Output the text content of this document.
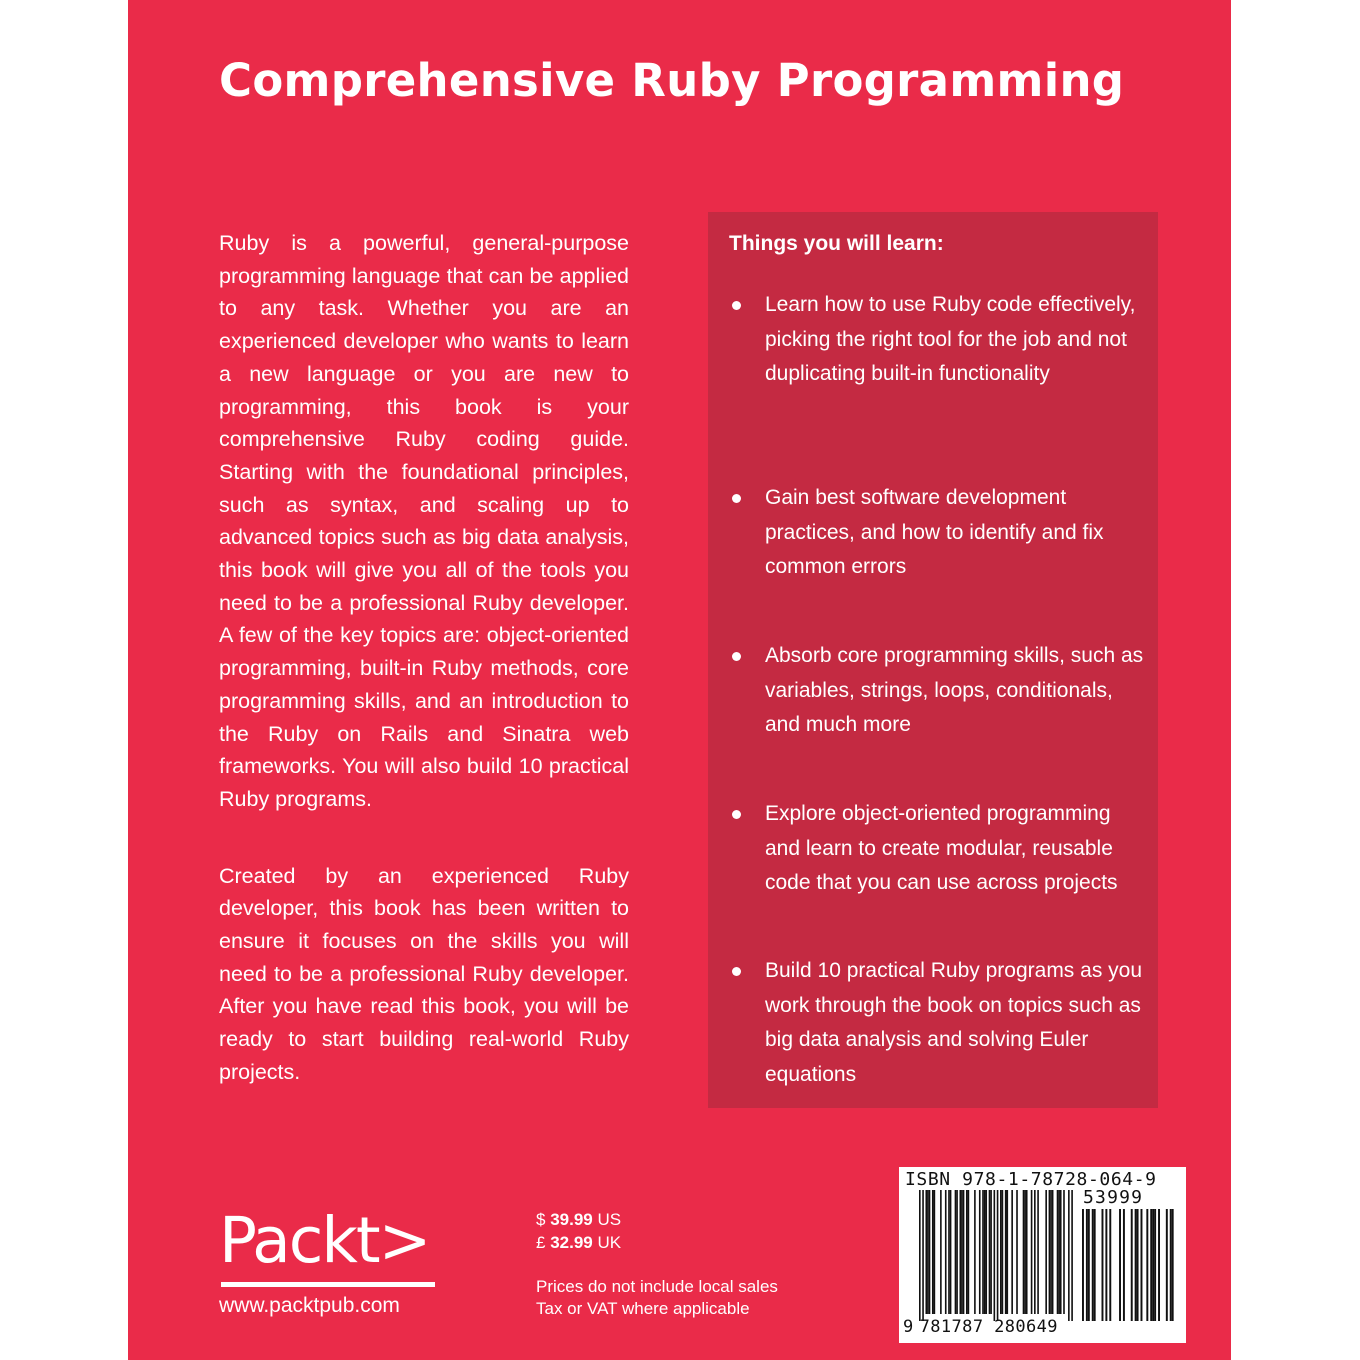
Comprehensive Ruby Programming

Ruby is a powerful, general-purpose programming language that can be applied to any task. Whether you are an experienced developer who wants to learn a new language or you are new to programming, this book is your comprehensive Ruby coding guide. Starting with the foundational principles, such as syntax, and scaling up to advanced topics such as big data analysis, this book will give you all of the tools you need to be a professional Ruby developer. A few of the key topics are: object-oriented programming, built-in Ruby methods, core programming skills, and an introduction to the Ruby on Rails and Sinatra web frameworks. You will also build 10 practical Ruby programs.

Created by an experienced Ruby developer, this book has been written to ensure it focuses on the skills you will need to be a professional Ruby developer. After you have read this book, you will be ready to start building real-world Ruby projects.

Things you will learn:
Learn how to use Ruby code effectively, picking the right tool for the job and not duplicating built-in functionality
Gain best software development practices, and how to identify and fix common errors
Absorb core programming skills, such as variables, strings, loops, conditionals, and much more
Explore object-oriented programming and learn to create modular, reusable code that you can use across projects
Build 10 practical Ruby programs as you work through the book on topics such as big data analysis and solving Euler equations
Packt>
www.packtpub.com
$ 39.99 US
£ 32.99 UK
Prices do not include local sales
Tax or VAT where applicable
ISBN 978-1-78728-064-9
53999
9 781787 280649
